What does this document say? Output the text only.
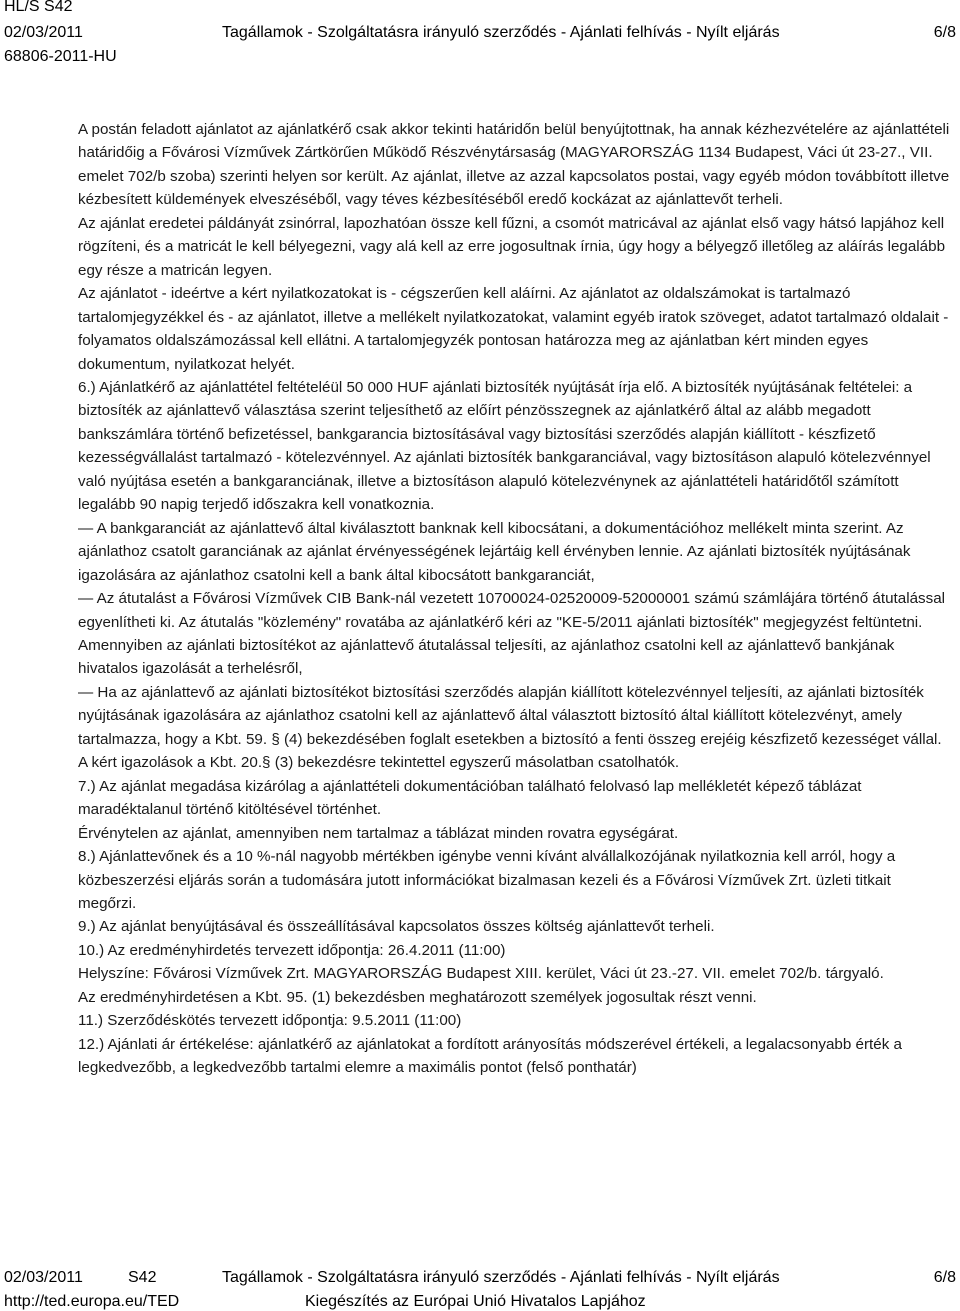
HL/S S42
02/03/2011
68806-2011-HU
Tagállamok - Szolgáltatásra irányuló szerződés - Ajánlati felhívás - Nyílt eljárás	6/8

A postán feladott ajánlatot az ajánlatkérő csak akkor tekinti határidőn belül benyújtottnak, ha annak kézhezvételére az ajánlattételi határidőig a Fővárosi Vízművek Zártkörűen Működő Részvénytársaság (MAGYARORSZÁG 1134 Budapest, Váci út 23-27., VII. emelet 702/b szoba) szerinti helyen sor került. Az ajánlat, illetve az azzal kapcsolatos postai, vagy egyéb módon továbbított illetve kézbesített küldemények elveszéséből, vagy téves kézbesítéséből eredő kockázat az ajánlattevőt terheli.

Az ajánlat eredetei páldányát zsinórral, lapozhatóan össze kell fűzni, a csomót matricával az ajánlat első vagy hátsó lapjához kell rögzíteni, és a matricát le kell bélyegezni, vagy alá kell az erre jogosultnak írnia, úgy hogy a bélyegző illetőleg az aláírás legalább egy része a matricán legyen.

Az ajánlatot - ideértve a kért nyilatkozatokat is - cégszerűen kell aláírni. Az ajánlatot az oldalszámokat is tartalmazó tartalomjegyzékkel és - az ajánlatot, illetve a mellékelt nyilatkozatokat, valamint egyéb iratok szöveget, adatot tartalmazó oldalait - folyamatos oldalszámozással kell ellátni. A tartalomjegyzék pontosan határozza meg az ajánlatban kért minden egyes dokumentum, nyilatkozat helyét.

6.) Ajánlatkérő az ajánlattétel feltételéül 50 000 HUF ajánlati biztosíték nyújtását írja elő. A biztosíték nyújtásának feltételei: a biztosíték az ajánlattevő választása szerint teljesíthető az előírt pénzösszegnek az ajánlatkérő által az alább megadott bankszámlára történő befizetéssel, bankgarancia biztosításával vagy biztosítási szerződés alapján kiállított - készfizető kezességvállalást tartalmazó - kötelezvénnyel. Az ajánlati biztosíték bankgaranciával, vagy biztosításon alapuló kötelezvénnyel való nyújtása esetén a bankgaranciának, illetve a biztosításon alapuló kötelezvénynek az ajánlattételi határidőtől számított legalább 90 napig terjedő időszakra kell vonatkoznia.

— A bankgaranciát az ajánlattevő által kiválasztott banknak kell kibocsátani, a dokumentációhoz mellékelt minta szerint. Az ajánlathoz csatolt garanciának az ajánlat érvényességének lejártáig kell érvényben lennie. Az ajánlati biztosíték nyújtásának igazolására az ajánlathoz csatolni kell a bank által kibocsátott bankgaranciát,

— Az átutalást a Fővárosi Vízművek CIB Bank-nál vezetett 10700024-02520009-52000001 számú számlájára történő átutalással egyenlítheti ki. Az átutalás "közlemény" rovatába az ajánlatkérő kéri az "KE-5/2011 ajánlati biztosíték" megjegyzést feltüntetni. Amennyiben az ajánlati biztosítékot az ajánlattevő átutalással teljesíti, az ajánlathoz csatolni kell az ajánlattevő bankjának hivatalos igazolását a terhelésről,

— Ha az ajánlattevő az ajánlati biztosítékot biztosítási szerződés alapján kiállított kötelezvénnyel teljesíti, az ajánlati biztosíték nyújtásának igazolására az ajánlathoz csatolni kell az ajánlattevő által választott biztosító által kiállított kötelezvényt, amely tartalmazza, hogy a Kbt. 59. § (4) bekezdésében foglalt esetekben a biztosító a fenti összeg erejéig készfizető kezességet vállal. A kért igazolások a Kbt. 20.§ (3) bekezdésre tekintettel egyszerű másolatban csatolhatók.

7.) Az ajánlat megadása kizárólag a ajánlattételi dokumentációban található felolvasó lap mellékletét képező táblázat maradéktalanul történő kitöltésével történhet.

Érvénytelen az ajánlat, amennyiben nem tartalmaz a táblázat minden rovatra egységárat.

8.) Ajánlattevőnek és a 10 %-nál nagyobb mértékben igénybe venni kívánt alvállalkozójának nyilatkoznia kell arról, hogy a közbeszerzési eljárás során a tudomására jutott információkat bizalmasan kezeli és a Fővárosi Vízművek Zrt. üzleti titkait megőrzi.

9.) Az ajánlat benyújtásával és összeállításával kapcsolatos összes költség ajánlattevőt terheli.

10.) Az eredményhirdetés tervezett időpontja: 26.4.2011 (11:00)

Helyszíne: Fővárosi Vízművek Zrt. MAGYARORSZÁG Budapest XIII. kerület, Váci út 23.-27. VII. emelet 702/b. tárgyaló.

Az eredményhirdetésen a Kbt. 95. (1) bekezdésben meghatározott személyek jogosultak részt venni.

11.) Szerződéskötés tervezett időpontja: 9.5.2011 (11:00)

12.) Ajánlati ár értékelése: ajánlatkérő az ajánlatokat a fordított arányosítás módszerével értékeli, a legalacsonyabb érték a legkedvezőbb, a legkedvezőbb tartalmi elemre a maximális pontot (felső ponthatár)

02/03/2011	S42	Tagállamok - Szolgáltatásra irányuló szerződés - Ajánlati felhívás - Nyílt eljárás	6/8
http://ted.europa.eu/TED	Kiegészítés az Európai Unió Hivatalos Lapjához
